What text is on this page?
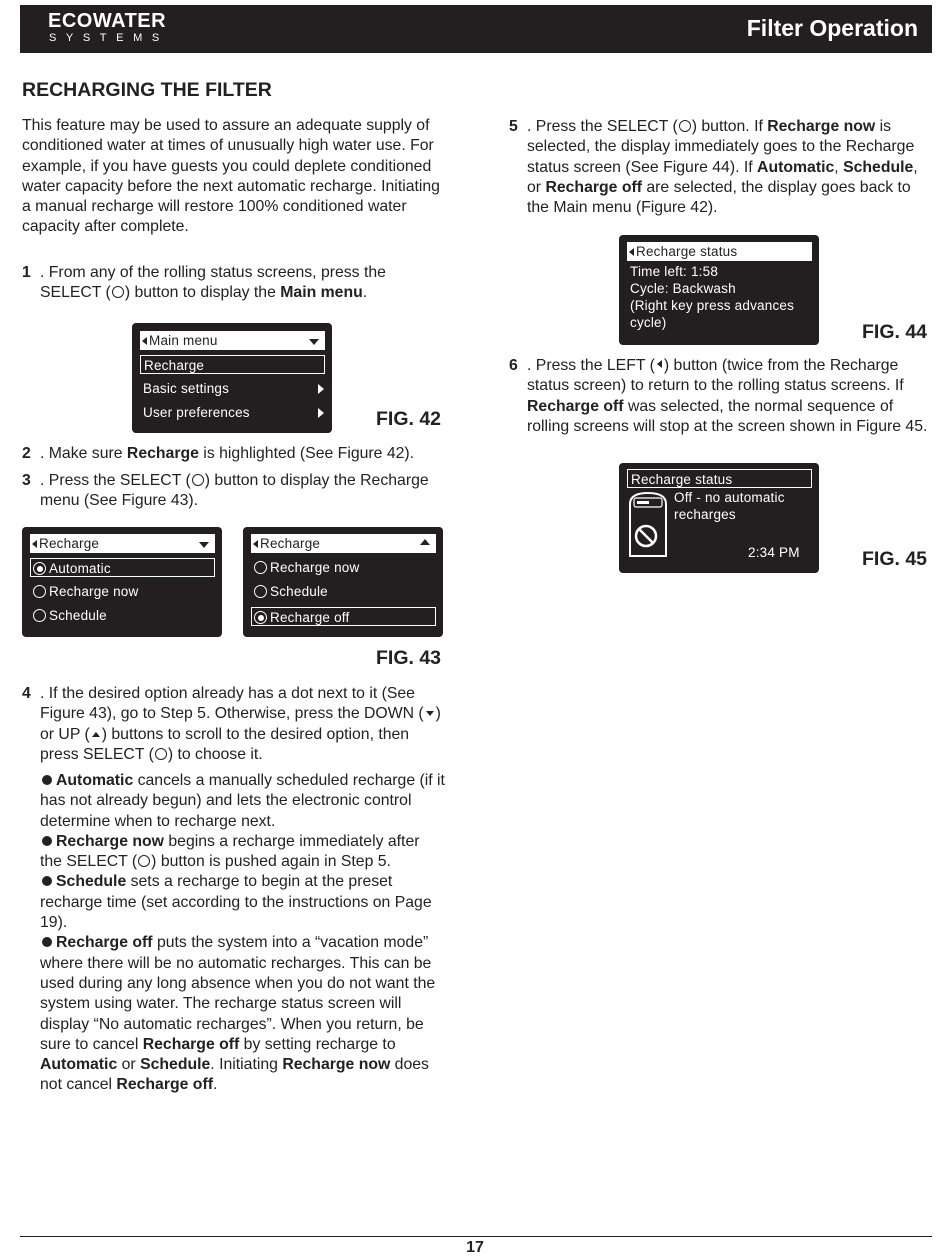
ECOWATER
SYSTEMS	Filter Operation
RECHARGING THE FILTER
This feature may be used to assure an adequate supply of conditioned water at times of unusually high water use. For example, if you have guests you could deplete conditioned water capacity before the next automatic recharge. Initiating a manual recharge will restore 100% conditioned water capacity after complete.
1 . From any of the rolling status screens, press the SELECT ( ) button to display the Main menu.
Main menu
Recharge
Basic settings
User preferences	FIG. 42
2 . Make sure Recharge is highlighted (See Figure 42).
3 . Press the SELECT ( ) button to display the Recharge menu (See Figure 43).
Recharge
Automatic
Recharge now
Schedule
Recharge
Recharge now
Schedule
Recharge off
FIG. 43
4 . If the desired option already has a dot next to it (See Figure 43), go to Step 5. Otherwise, press the DOWN ( ) or UP ( ) buttons to scroll to the desired option, then press SELECT ( ) to choose it.
Automatic cancels a manually scheduled recharge (if it has not already begun) and lets the electronic control determine when to recharge next.
Recharge now begins a recharge immediately after the SELECT ( ) button is pushed again in Step 5.
Schedule sets a recharge to begin at the preset recharge time (set according to the instructions on Page 19).
Recharge off puts the system into a “vacation mode” where there will be no automatic recharges. This can be used during any long absence when you do not want the system using water. The recharge status screen will display “No automatic recharges”. When you return, be sure to cancel Recharge off by setting recharge to Automatic or Schedule. Initiating Recharge now does not cancel Recharge off.
5 . Press the SELECT ( ) button. If Recharge now is selected, the display immediately goes to the Recharge status screen (See Figure 44). If Automatic, Schedule, or Recharge off are selected, the display goes back to the Main menu (Figure 42).
Recharge status
Time left: 1:58
Cycle: Backwash
(Right key press advances
cycle)	FIG. 44
6 . Press the LEFT ( ) button (twice from the Recharge status screen) to return to the rolling status screens. If Recharge off was selected, the normal sequence of rolling screens will stop at the screen shown in Figure 45.
Recharge status
Off - no automatic
recharges
2:34 PM	FIG. 45
17
